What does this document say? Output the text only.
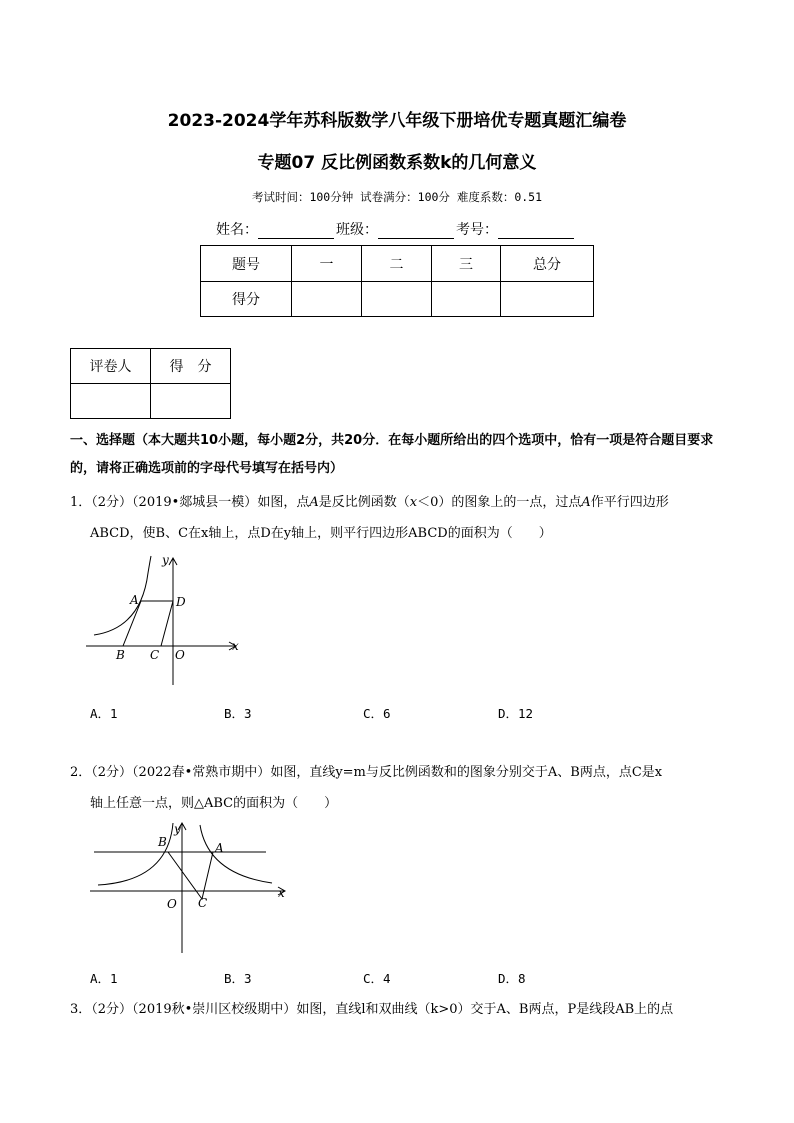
2023-2024学年苏科版数学八年级下册培优专题真题汇编卷
专题07 反比例函数系数k的几何意义
考试时间：100分钟 试卷满分：100分 难度系数：0.51
姓名：	班级：	考号：
题号	一	二	三	总分
得分				
评卷人	得　分

一、选择题（本大题共10小题，每小题2分，共20分．在每小题所给出的四个选项中，恰有一项是符合题目要求的，请将正确选项前的字母代号填写在括号内）
1．（2分）（2019•郯城县一模）如图，点A是反比例函数（x＜0）的图象上的一点，过点A作平行四边形
ABCD，使B、C在x轴上，点D在y轴上，则平行四边形ABCD的面积为（　　）
y
x
A
B C
D
O
A．1	B．3	C．6	D．12
2．（2分）（2022春•常熟市期中）如图，直线y=m与反比例函数和的图象分别交于A、B两点，点C是x
轴上任意一点，则△ABC的面积为（　　）
y
x
A
B
C
O
A．1	B．3	C．4	D．8
3．（2分）（2019秋•崇川区校级期中）如图，直线l和双曲线（k>0）交于A、B两点，P是线段AB上的点
